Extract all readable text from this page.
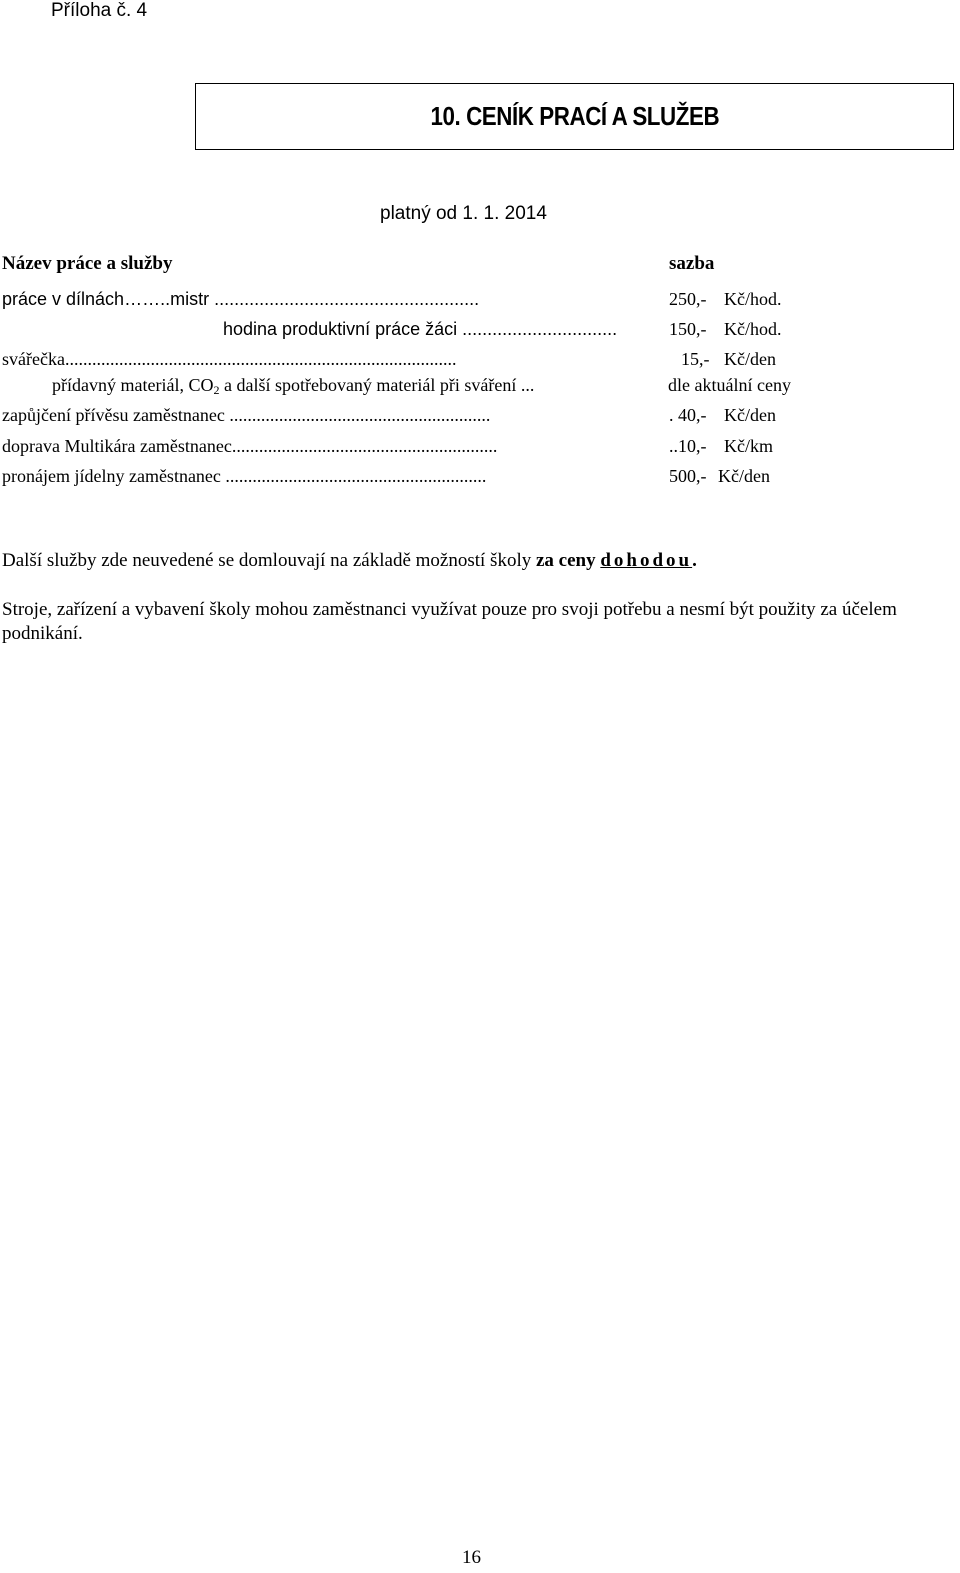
Příloha č. 4
10. CENÍK PRACÍ A SLUŽEB
platný od 1. 1. 2014
Název práce a služby	sazba
práce v dílnách……..mistr .....................................................	250,- Kč/hod.
hodina produktivní práce žáci ...............................	150,- Kč/hod.
svářečka.......................................................................................	15,- Kč/den
přídavný materiál, $CO_2$ a další spotřebovaný materiál při sváření ...	dle aktuální ceny
zapůjčení přívěsu zaměstnanec ..........................................................	. 40,- Kč/den
doprava Multikára zaměstnanec...........................................................	..10,- Kč/km
pronájem jídelny zaměstnanec ..........................................................	500,- Kč/den
Další služby zde neuvedené se domlouvají na základě možností školy za ceny dohodou.
Stroje, zařízení a vybavení školy mohou zaměstnanci využívat pouze pro svoji potřebu a nesmí být použity za účelem podnikání.
16
